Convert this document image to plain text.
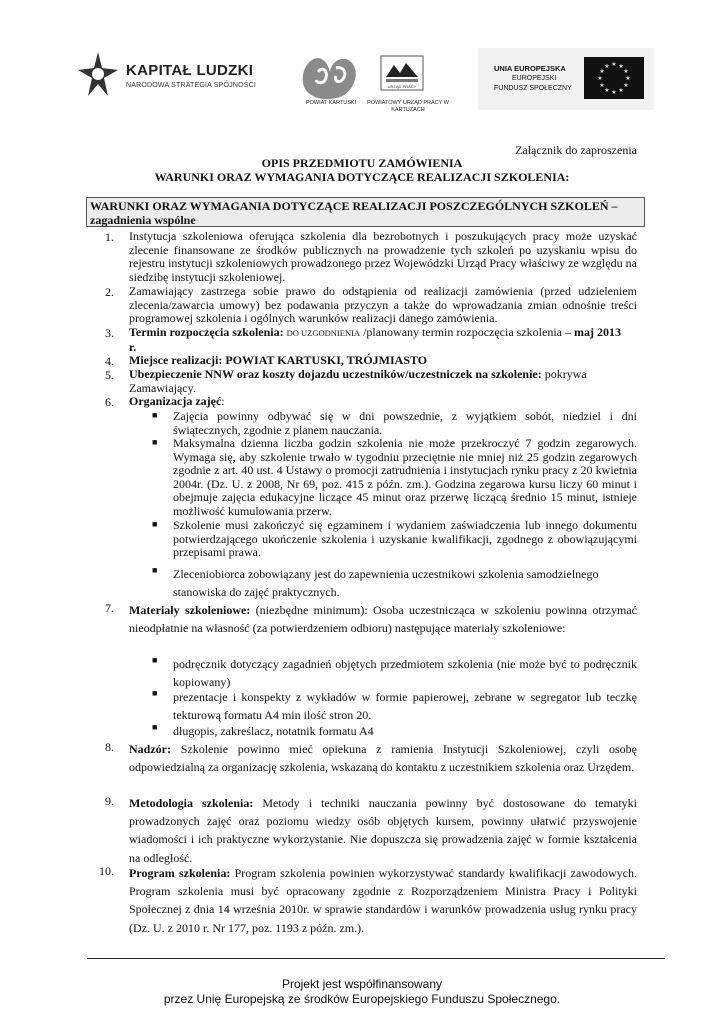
KAPITAŁ LUDZKI
NARODOWA STRATEGIA SPÓJNOŚCI
POWIAT KARTUSKI
URZĄD PRACY
POWIATOWY URZĄD PRACY W KARTUZACH
UNIA EUROPEJSKA
EUROPEJSKI
FUNDUSZ SPOŁECZNY
★ ★
★
★
★
★
★
★
★
★
★
★
Załącznik do zaproszenia
OPIS PRZEDMIOTU ZAMÓWIENIA
WARUNKI ORAZ WYMAGANIA DOTYCZĄCE REALIZACJI SZKOLENIA:
WARUNKI ORAZ WYMAGANIA DOTYCZĄCE REALIZACJI POSZCZEGÓLNYCH SZKOLEŃ – zagadnienia wspólne
1. Instytucja szkoleniowa oferująca szkolenia dla bezrobotnych i poszukujących pracy może uzyskać zlecenie finansowane ze środków publicznych na prowadzenie tych szkoleń po uzyskaniu wpisu do rejestru instytucji szkoleniowych prowadzonego przez Wojewódzki Urząd Pracy właściwy ze względu na siedzibę instytucji szkoleniowej.
2. Zamawiający zastrzega sobie prawo do odstąpienia od realizacji zamówienia (przed udzieleniem zlecenia/zawarcia umowy) bez podawania przyczyn a także do wprowadzania zmian odnośnie treści programowej szkolenia i ogólnych warunków realizacji danego zamówienia.
3. Termin rozpoczęcia szkolenia: DO UZGODNIENIA /planowany termin rozpoczęcia szkolenia – maj 2013 r.
4. Miejsce realizacji: POWIAT KARTUSKI, TRÓJMIASTO
5. Ubezpieczenie NNW oraz koszty dojazdu uczestników/uczestniczek na szkolenie: pokrywa Zamawiający.
6. Organizacja zajęć:
■ Zajęcia powinny odbywać się w dni powszednie, z wyjątkiem sobót, niedziel i dni świątecznych, zgodnie z planem nauczania.
■ Maksymalna dzienna liczba godzin szkolenia nie może przekroczyć 7 godzin zegarowych. Wymaga się, aby szkolenie trwało w tygodniu przeciętnie nie mniej niż 25 godzin zegarowych zgodnie z art. 40 ust. 4 Ustawy o promocji zatrudnienia i instytucjach rynku pracy z 20 kwietnia 2004r. (Dz. U. z 2008, Nr 69, poz. 415 z późn. zm.). Godzina zegarowa kursu liczy 60 minut i obejmuje zajęcia edukacyjne liczące 45 minut oraz przerwę liczącą średnio 15 minut, istnieje możliwość kumulowania przerw.
■ Szkolenie musi zakończyć się egzaminem i wydaniem zaświadczenia lub innego dokumentu potwierdzającego ukończenie szkolenia i uzyskanie kwalifikacji, zgodnego z obowiązującymi przepisami prawa.
■ Zleceniobiorca zobowiązany jest do zapewnienia uczestnikowi szkolenia samodzielnego stanowiska do zajęć praktycznych.
7. Materiały szkoleniowe: (niezbędne minimum): Osoba uczestnicząca w szkoleniu powinna otrzymać nieodpłatnie na własność (za potwierdzeniem odbioru) następujące materiały szkoleniowe:
■ podręcznik dotyczący zagadnień objętych przedmiotem szkolenia (nie może być to podręcznik kopiowany)
■ prezentacje i konspekty z wykładów w formie papierowej, zebrane w segregator lub teczkę tekturową formatu A4 min ilość stron 20.
■ długopis, zakreślacz, notatnik formatu A4
8. Nadzór: Szkolenie powinno mieć opiekuna z ramienia Instytucji Szkoleniowej, czyli osobę odpowiedzialną za organizację szkolenia, wskazaną do kontaktu z uczestnikiem szkolenia oraz Urzędem.
9. Metodologia szkolenia: Metody i techniki nauczania powinny być dostosowane do tematyki prowadzonych zajęć oraz poziomu wiedzy osób objętych kursem, powinny ułatwić przyswojenie wiadomości i ich praktyczne wykorzystanie. Nie dopuszcza się prowadzenia zajęć w formie kształcenia na odległość.
10. Program szkolenia: Program szkolenia powinien wykorzystywać standardy kwalifikacji zawodowych. Program szkolenia musi być opracowany zgodnie z Rozporządzeniem Ministra Pracy i Polityki Społecznej z dnia 14 września 2010r. w sprawie standardów i warunków prowadzenia usług rynku pracy (Dz. U. z 2010 r. Nr 177, poz. 1193 z późn. zm.).
Projekt jest współfinansowany
przez Unię Europejską ze środków Europejskiego Funduszu Społecznego.
